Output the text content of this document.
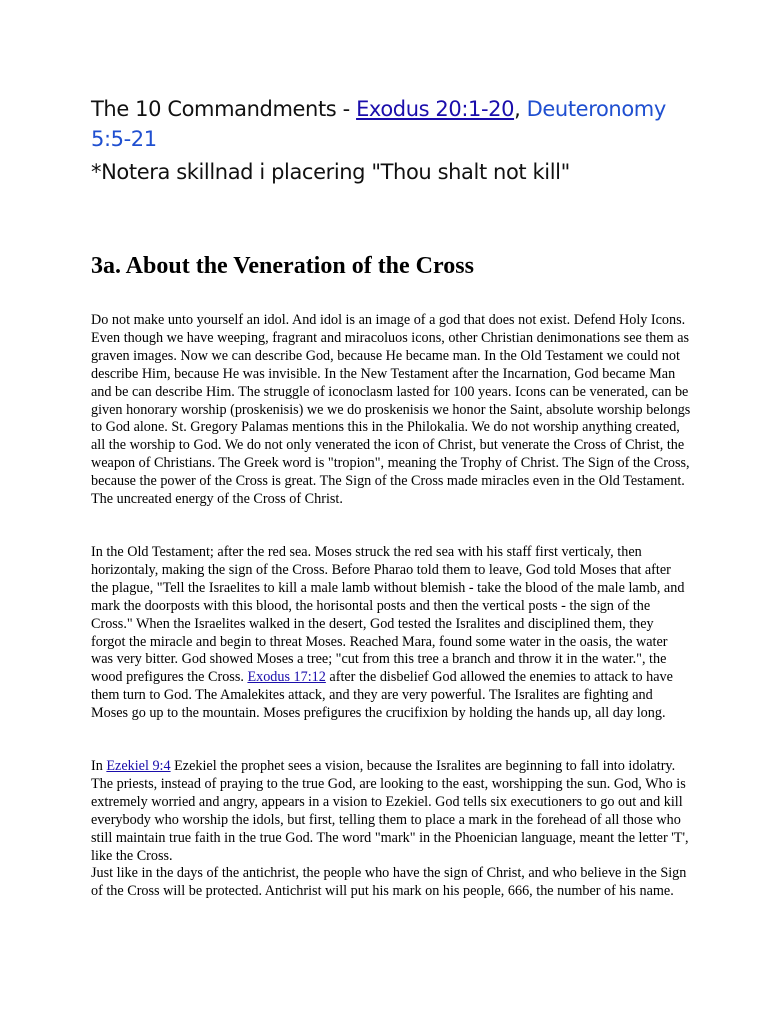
The 10 Commandments - Exodus 20:1-20, Deuteronomy 5:5-21
*Notera skillnad i placering "Thou shalt not kill"
3a. About the Veneration of the Cross

Do not make unto yourself an idol. And idol is an image of a god that does not exist. Defend Holy Icons. Even though we have weeping, fragrant and miracoluos icons, other Christian denimonations see them as graven images. Now we can describe God, because He became man. In the Old Testament we could not describe Him, because He was invisible. In the New Testament after the Incarnation, God became Man and be can describe Him. The struggle of iconoclasm lasted for 100 years. Icons can be venerated, can be given honorary worship (proskenisis) we we do proskenisis we honor the Saint, absolute worship belongs to God alone. St. Gregory Palamas mentions this in the Philokalia. We do not worship anything created, all the worship to God. We do not only venerated the icon of Christ, but venerate the Cross of Christ, the weapon of Christians. The Greek word is "tropion", meaning the Trophy of Christ. The Sign of the Cross, because the power of the Cross is great. The Sign of the Cross made miracles even in the Old Testament. The uncreated energy of the Cross of Christ.

In the Old Testament; after the red sea. Moses struck the red sea with his staff first verticaly, then horizontaly, making the sign of the Cross. Before Pharao told them to leave, God told Moses that after the plague, "Tell the Israelites to kill a male lamb without blemish - take the blood of the male lamb, and mark the doorposts with this blood, the horisontal posts and then the vertical posts - the sign of the Cross." When the Israelites walked in the desert, God tested the Isralites and disciplined them, they forgot the miracle and begin to threat Moses. Reached Mara, found some water in the oasis, the water was very bitter. God showed Moses a tree; "cut from this tree a branch and throw it in the water.", the wood prefigures the Cross. Exodus 17:12 after the disbelief God allowed the enemies to attack to have them turn to God. The Amalekites attack, and they are very powerful. The Isralites are fighting and Moses go up to the mountain. Moses prefigures the crucifixion by holding the hands up, all day long.

In Ezekiel 9:4 Ezekiel the prophet sees a vision, because the Isralites are beginning to fall into idolatry. The priests, instead of praying to the true God, are looking to the east, worshipping the sun. God, Who is extremely worried and angry, appears in a vision to Ezekiel. God tells six executioners to go out and kill everybody who worship the idols, but first, telling them to place a mark in the forehead of all those who still maintain true faith in the true God. The word "mark" in the Phoenician language, meant the letter 'T', like the Cross.

Just like in the days of the antichrist, the people who have the sign of Christ, and who believe in the Sign of the Cross will be protected. Antichrist will put his mark on his people, 666, the number of his name.
